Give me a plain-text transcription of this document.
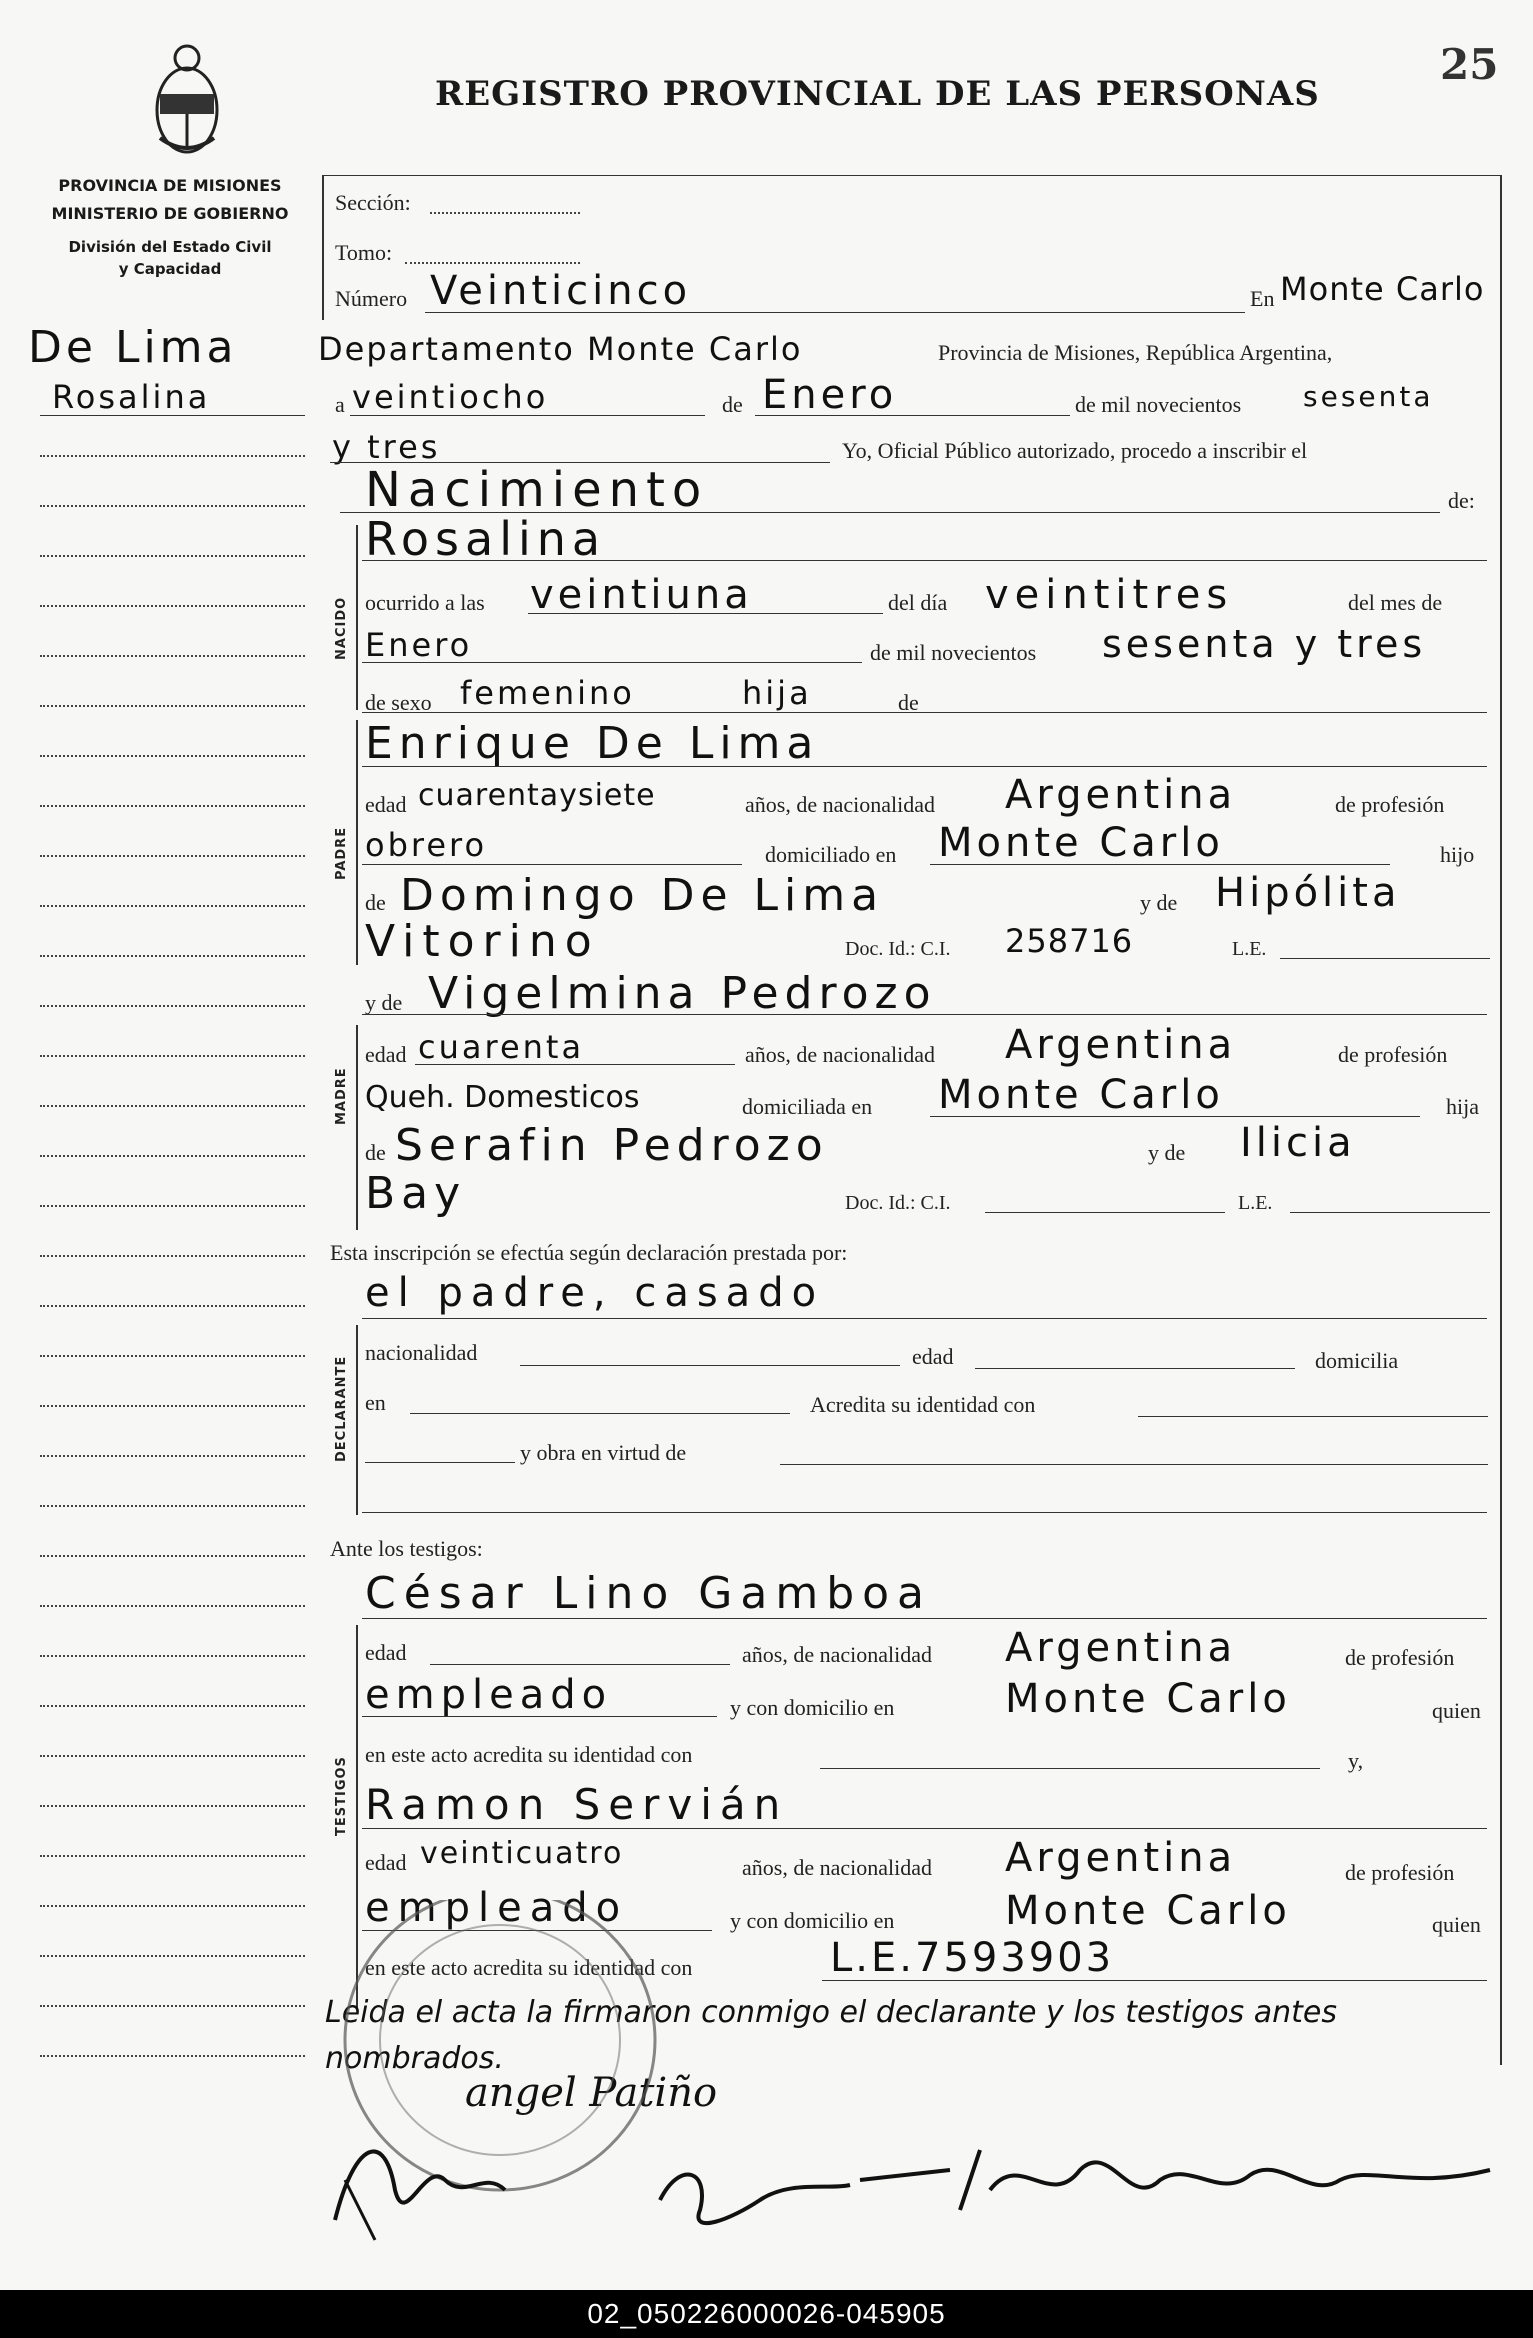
REGISTRO PROVINCIAL DE LAS PERSONAS
25
PROVINCIA DE MISIONES
MINISTERIO DE GOBIERNO
División del Estado Civil
y Capacidad
De Lima
Rosalina
Sección:
Tomo:
Número Veinticinco	En Monte Carlo
Departamento Monte Carlo	Provincia de Misiones, República Argentina,
a veintiocho	de Enero	de mil novecientos sesenta
y tres	Yo, Oficial Público autorizado, procedo a inscribir el
Nacimiento	de:
NACIDO
Rosalina
ocurrido a las veintiuna	del día veintitres	del mes de
Enero	de mil novecientos sesenta y tres
de sexo femenino	hija	de
PADRE
Enrique De Lima
edad cuarentaysiete	años, de nacionalidad Argentina	de profesión
obrero	domiciliado en Monte Carlo	hijo
de Domingo De Lima	y de Hipólita
Vitorino	Doc. Id.: C.I. 258716	L.E.
y de Vigelmina Pedrozo
MADRE
edad cuarenta	años, de nacionalidad Argentina	de profesión
Queh. Domesticos	domiciliada en Monte Carlo	hija
de Serafin Pedrozo	y de Ilicia
Bay	Doc. Id.: C.I.	L.E.
Esta inscripción se efectúa según declaración prestada por:
el padre, casado
DECLARANTE
nacionalidad	edad	domicilia
en	Acredita su identidad con
y obra en virtud de
Ante los testigos:
César Lino Gamboa
TESTIGOS
edad	años, de nacionalidad Argentina	de profesión
empleado	y con domicilio en	Monte Carlo	quien
en este acto acredita su identidad con	y,
Ramon Servián
edad veinticuatro	años, de nacionalidad Argentina	de profesión
empleado	y con domicilio en	Monte Carlo	quien
en este acto acredita su identidad con	L.E.7593903
Leida el acta la firmaron conmigo el declarante y los testigos antes nombrados.
angel Patiño
02_050226000026-045905
